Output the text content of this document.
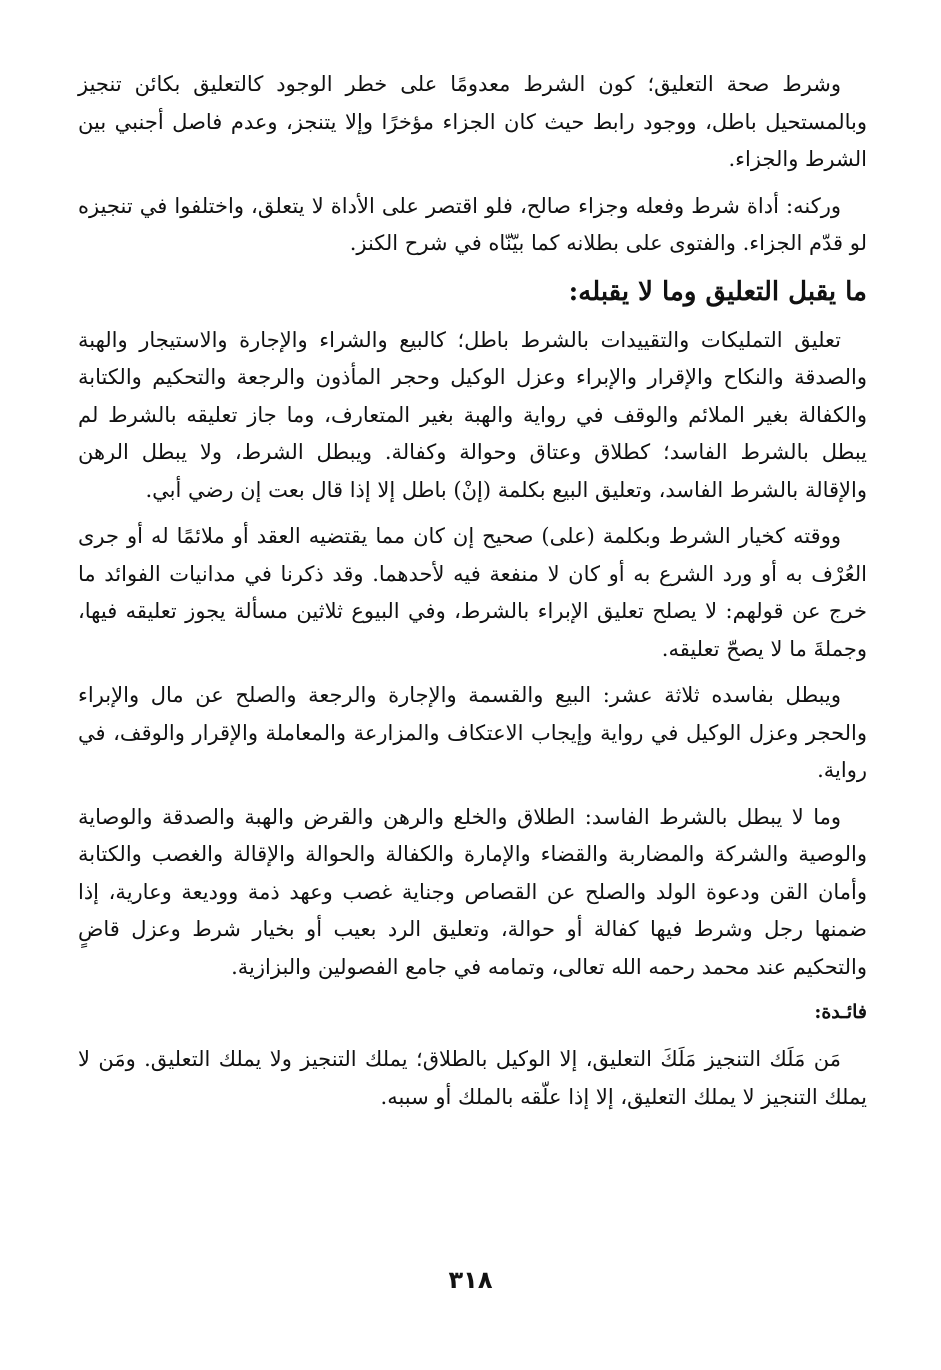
وشرط صحة التعليق؛ كون الشرط معدومًا على خطر الوجود كالتعليق بكائن تنجيز وبالمستحيل باطل، ووجود رابط حيث كان الجزاء مؤخرًا وإلا يتنجز، وعدم فاصل أجنبي بين الشرط والجزاء.

وركنه: أداة شرط وفعله وجزاء صالح، فلو اقتصر على الأداة لا يتعلق، واختلفوا في تنجيزه لو قدّم الجزاء. والفتوى على بطلانه كما بيّنّاه في شرح الكنز.

ما يقبل التعليق وما لا يقبله:

تعليق التمليكات والتقييدات بالشرط باطل؛ كالبيع والشراء والإجارة والاستيجار والهبة والصدقة والنكاح والإقرار والإبراء وعزل الوكيل وحجر المأذون والرجعة والتحكيم والكتابة والكفالة بغير الملائم والوقف في رواية والهبة بغير المتعارف، وما جاز تعليقه بالشرط لم يبطل بالشرط الفاسد؛ كطلاق وعتاق وحوالة وكفالة. ويبطل الشرط، ولا يبطل الرهن والإقالة بالشرط الفاسد، وتعليق البيع بكلمة (إنْ) باطل إلا إذا قال بعت إن رضي أبي.

ووقته كخيار الشرط وبكلمة (على) صحيح إن كان مما يقتضيه العقد أو ملائمًا له أو جرى العُرْف به أو ورد الشرع به أو كان لا منفعة فيه لأحدهما. وقد ذكرنا في مدانيات الفوائد ما خرج عن قولهم: لا يصلح تعليق الإبراء بالشرط، وفي البيوع ثلاثين مسألة يجوز تعليقه فيها، وجملةَ ما لا يصحّ تعليقه.

ويبطل بفاسده ثلاثة عشر: البيع والقسمة والإجارة والرجعة والصلح عن مال والإبراء والحجر وعزل الوكيل في رواية وإيجاب الاعتكاف والمزارعة والمعاملة والإقرار والوقف، في رواية.

وما لا يبطل بالشرط الفاسد: الطلاق والخلع والرهن والقرض والهبة والصدقة والوصاية والوصية والشركة والمضاربة والقضاء والإمارة والكفالة والحوالة والإقالة والغصب والكتابة وأمان القن ودعوة الولد والصلح عن القصاص وجناية غصب وعهد ذمة ووديعة وعارية، إذا ضمنها رجل وشرط فيها كفالة أو حوالة، وتعليق الرد بعيب أو بخيار شرط وعزل قاضٍ والتحكيم عند محمد رحمه الله تعالى، وتمامه في جامع الفصولين والبزازية.

فائـدة:

مَن مَلَك التنجيز مَلَكَ التعليق، إلا الوكيل بالطلاق؛ يملك التنجيز ولا يملك التعليق. ومَن لا يملك التنجيز لا يملك التعليق، إلا إذا علّقه بالملك أو سببه.

٣١٨
